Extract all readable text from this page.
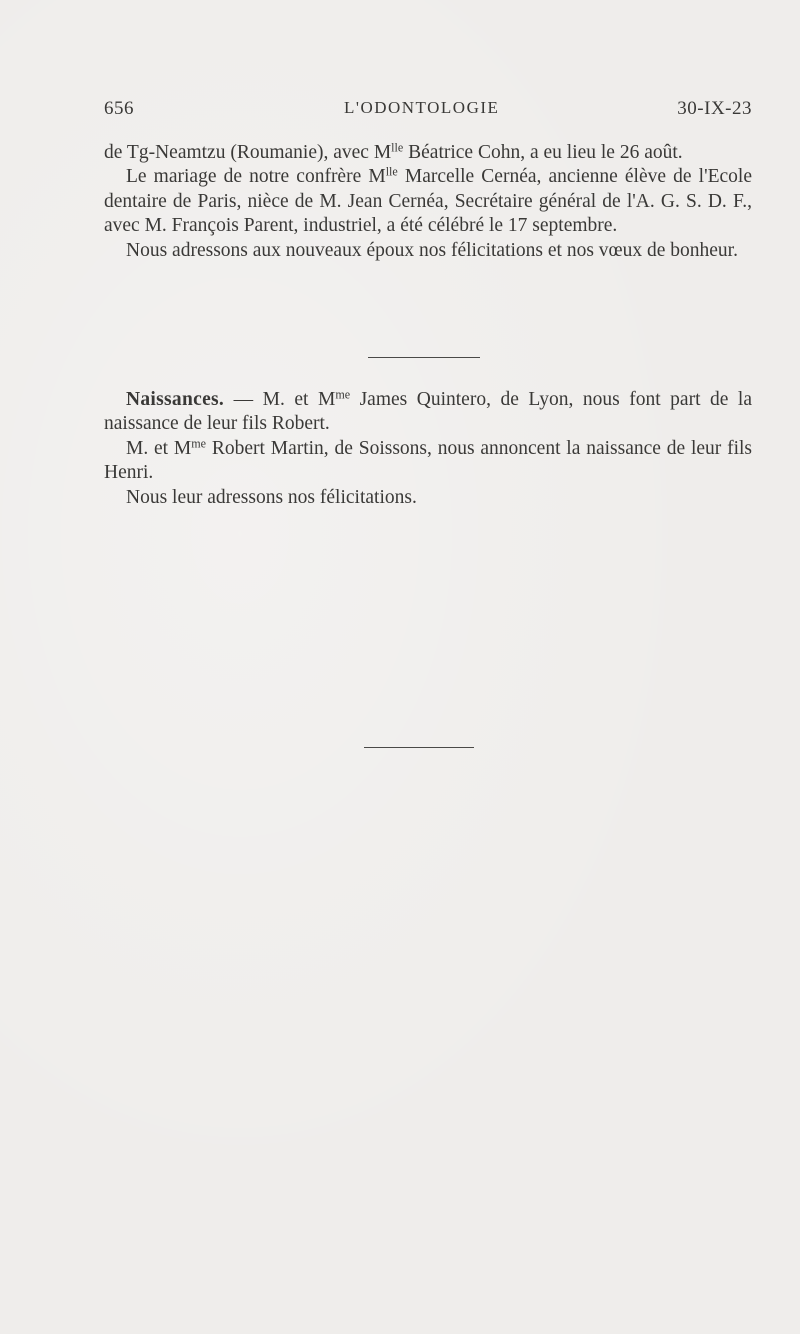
656	L'ODONTOLOGIE	30-IX-23

de Tg-Neamtzu (Roumanie), avec $M^{lle}$ Béatrice Cohn, a eu lieu le 26 août.

Le mariage de notre confrère $M^{lle}$ Marcelle Cernéa, ancienne élève de l'Ecole dentaire de Paris, nièce de M. Jean Cernéa, Secrétaire général de l'A. G. S. D. F., avec M. François Parent, industriel, a été célébré le 17 septembre.

Nous adressons aux nouveaux époux nos félicitations et nos vœux de bonheur.

Naissances. — M. et $M^{me}$ James Quintero, de Lyon, nous font part de la naissance de leur fils Robert.

M. et $M^{me}$ Robert Martin, de Soissons, nous annoncent la naissance de leur fils Henri.

Nous leur adressons nos félicitations.
